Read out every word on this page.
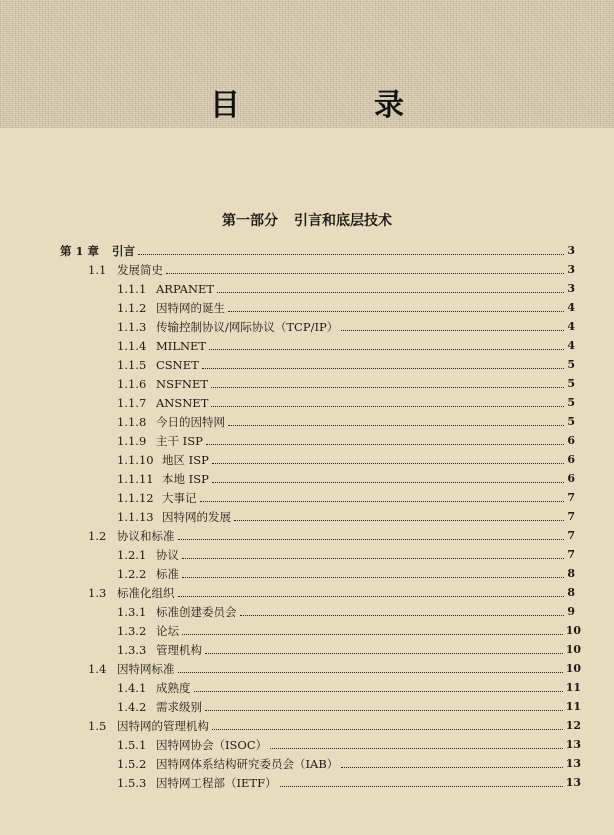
目　录
第一部分 引言和底层技术
第 1 章	引言	3
1.1 发展简史	3
1.1.1 ARPANET	3
1.1.2 因特网的诞生	4
1.1.3 传输控制协议/网际协议（TCP/IP）	4
1.1.4 MILNET	4
1.1.5 CSNET	5
1.1.6 NSFNET	5
1.1.7 ANSNET	5
1.1.8 今日的因特网	5
1.1.9 主干 ISP	6
1.1.10 地区 ISP	6
1.1.11 本地 ISP	6
1.1.12 大事记	7
1.1.13 因特网的发展	7
1.2 协议和标准	7
1.2.1 协议	7
1.2.2 标准	8
1.3 标准化组织	8
1.3.1 标准创建委员会	9
1.3.2 论坛	10
1.3.3 管理机构	10
1.4 因特网标准	10
1.4.1 成熟度	11
1.4.2 需求级别	11
1.5 因特网的管理机构	12
1.5.1 因特网协会（ISOC）	13
1.5.2 因特网体系结构研究委员会（IAB）	13
1.5.3 因特网工程部（IETF）	13
